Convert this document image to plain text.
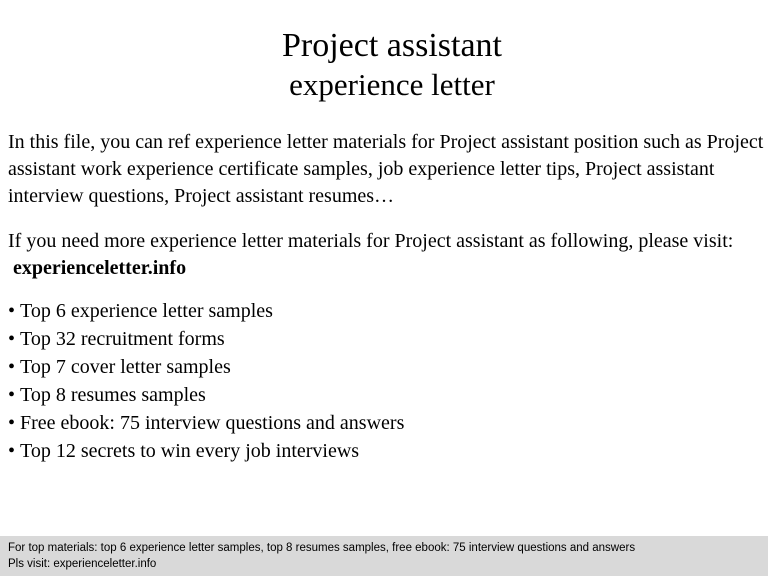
Project assistant
experience letter

In this file, you can ref experience letter materials for Project assistant position such as Project assistant work experience certificate samples, job experience letter tips, Project assistant interview questions, Project assistant resumes…

If you need more experience letter materials for Project assistant as following, please visit:  experienceletter.info

• Top 6 experience letter samples
• Top 32 recruitment forms
• Top 7 cover letter samples
• Top 8 resumes samples
• Free ebook: 75 interview questions and answers
• Top 12 secrets to win every job interviews
For top materials: top 6 experience letter samples, top 8 resumes samples, free ebook: 75 interview questions and answers
Pls visit: experienceletter.info
